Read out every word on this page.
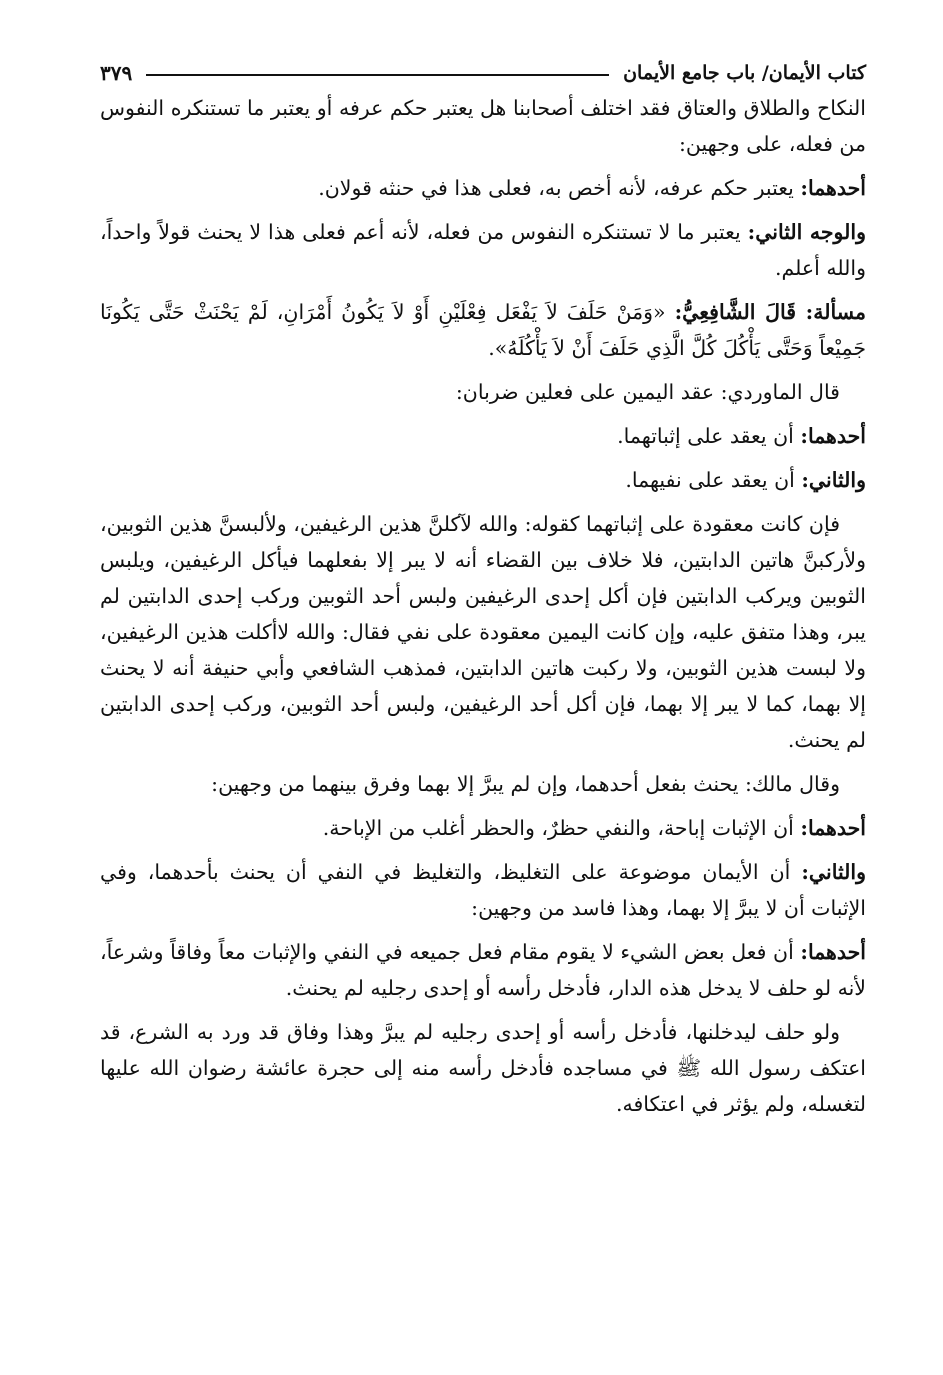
كتاب الأيمان/ باب جامع الأيمان
٣٧٩

النكاح والطلاق والعتاق فقد اختلف أصحابنا هل يعتبر حكم عرفه أو يعتبر ما تستنكره النفوس من فعله، على وجهين:

أحدهما: يعتبر حكم عرفه، لأنه أخص به، فعلى هذا في حنثه قولان.

والوجه الثاني: يعتبر ما لا تستنكره النفوس من فعله، لأنه أعم فعلى هذا لا يحنث قولاً واحداً، والله أعلم.

مسألة: قَالَ الشَّافِعِيُّ: «وَمَنْ حَلَفَ لاَ يَفْعَل فِعْلَيْنِ أَوْ لاَ يَكُونُ أَمْرَانِ، لَمْ يَحْنَثْ حَتَّى يَكُونَا جَمِيْعاً وَحَتَّى يَأْكُلَ كُلَّ الَّذِي حَلَفَ أَنْ لاَ يَأْكُلَهُ».

قال الماوردي: عقد اليمين على فعلين ضربان:

أحدهما: أن يعقد على إثباتهما.

والثاني: أن يعقد على نفيهما.

فإن كانت معقودة على إثباتهما كقوله: والله لآكلنَّ هذين الرغيفين، ولألبسنَّ هذين الثوبين، ولأركبنَّ هاتين الدابتين، فلا خلاف بين القضاء أنه لا يبر إلا بفعلهما فيأكل الرغيفين، ويلبس الثوبين ويركب الدابتين فإن أكل إحدى الرغيفين ولبس أحد الثوبين وركب إحدى الدابتين لم يبر، وهذا متفق عليه، وإن كانت اليمين معقودة على نفي فقال: والله لاأكلت هذين الرغيفين، ولا لبست هذين الثوبين، ولا ركبت هاتين الدابتين، فمذهب الشافعي وأبي حنيفة أنه لا يحنث إلا بهما، كما لا يبر إلا بهما، فإن أكل أحد الرغيفين، ولبس أحد الثوبين، وركب إحدى الدابتين لم يحنث.

وقال مالك: يحنث بفعل أحدهما، وإن لم يبرَّ إلا بهما وفرق بينهما من وجهين:

أحدهما: أن الإثبات إباحة، والنفي حظرٌ، والحظر أغلب من الإباحة.

والثاني: أن الأيمان موضوعة على التغليظ، والتغليظ في النفي أن يحنث بأحدهما، وفي الإثبات أن لا يبرَّ إلا بهما، وهذا فاسد من وجهين:

أحدهما: أن فعل بعض الشيء لا يقوم مقام فعل جميعه في النفي والإثبات معاً وفاقاً وشرعاً، لأنه لو حلف لا يدخل هذه الدار، فأدخل رأسه أو إحدى رجليه لم يحنث.

ولو حلف ليدخلنها، فأدخل رأسه أو إحدى رجليه لم يبرَّ وهذا وفاق قد ورد به الشرع، قد اعتكف رسول الله ﷺ في مساجده فأدخل رأسه منه إلى حجرة عائشة رضوان الله عليها لتغسله، ولم يؤثر في اعتكافه.
